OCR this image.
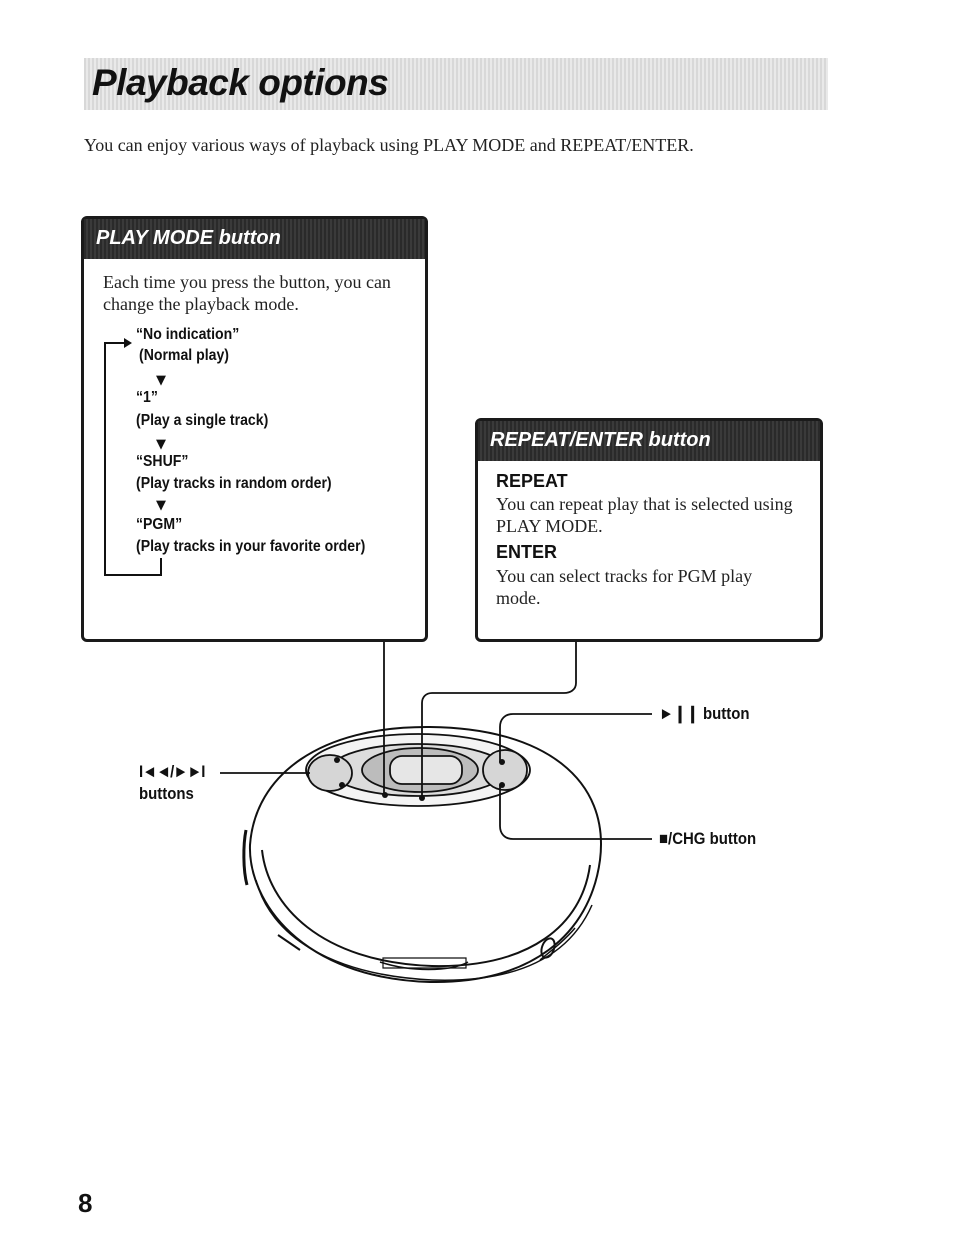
Playback options
You can enjoy various ways of playback using PLAY MODE and REPEAT/ENTER.
PLAY MODE button
Each time you press the button, you can change the playback mode.
“No indication”
(Normal play)
▼
“1”
(Play a single track)
▼
“SHUF”
(Play tracks in random order)
▼
“PGM”
(Play tracks in your favorite order)
REPEAT/ENTER button
REPEAT
You can repeat play that is selected using PLAY MODE.
ENTER
You can select tracks for PGM play mode.
►❙❙ button
I◄◄/►►I
buttons
■/CHG button
8
